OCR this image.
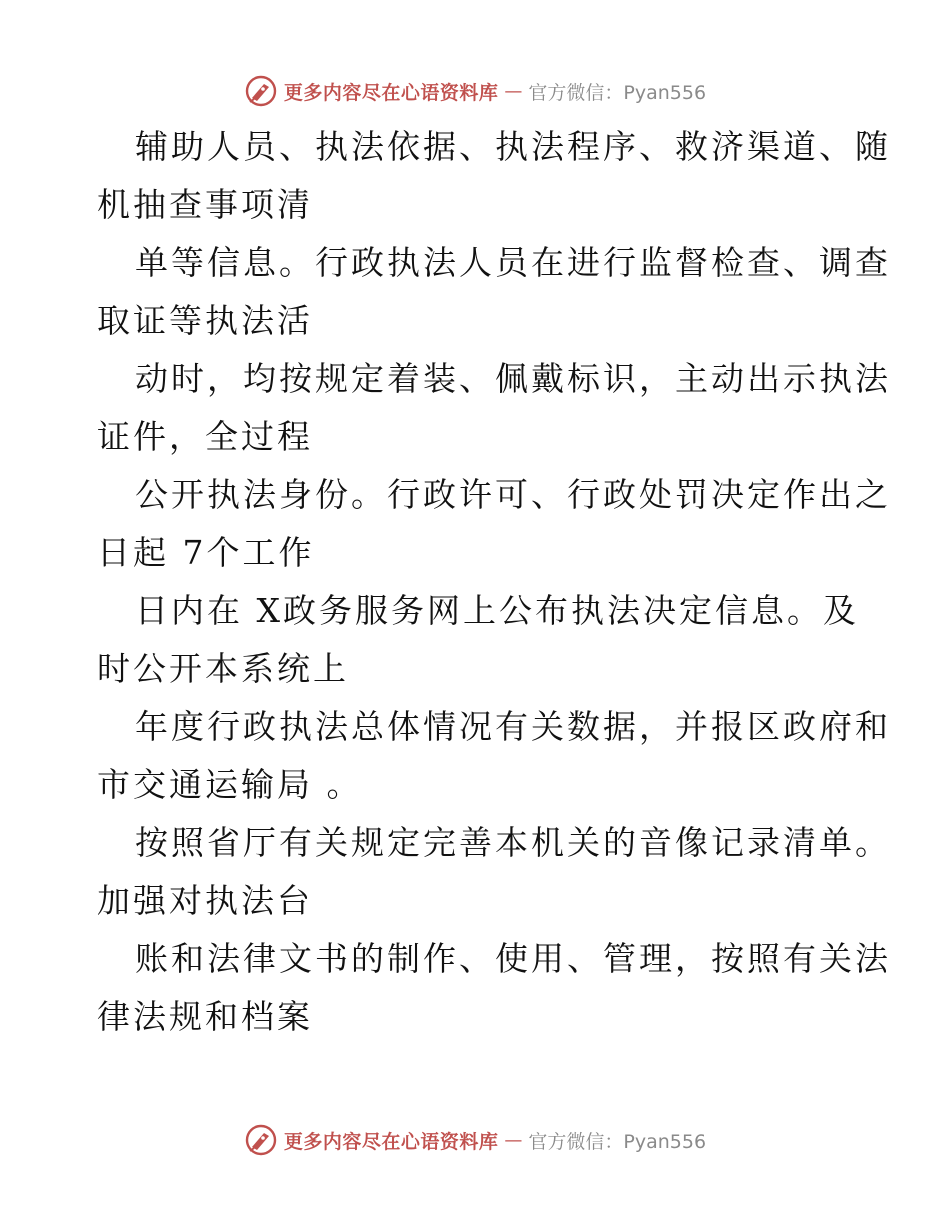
更多内容尽在心语资料库 — 官方微信：Pyan556

辅助人员、执法依据、执法程序、救济渠道、随
机抽查事项清

单等信息。行政执法人员在进行监督检查、调查
取证等执法活

动时，均按规定着装、佩戴标识，主动出示执法
证件，全过程

公开执法身份。行政许可、行政处罚决定作出之
日起 7个工作

日内在 X政务服务网上公布执法决定信息。及
时公开本系统上

年度行政执法总体情况有关数据，并报区政府和
市交通运输局 。

按照省厅有关规定完善本机关的音像记录清单。
加强对执法台

账和法律文书的制作、使用、管理，按照有关法
律法规和档案

更多内容尽在心语资料库 — 官方微信：Pyan556
